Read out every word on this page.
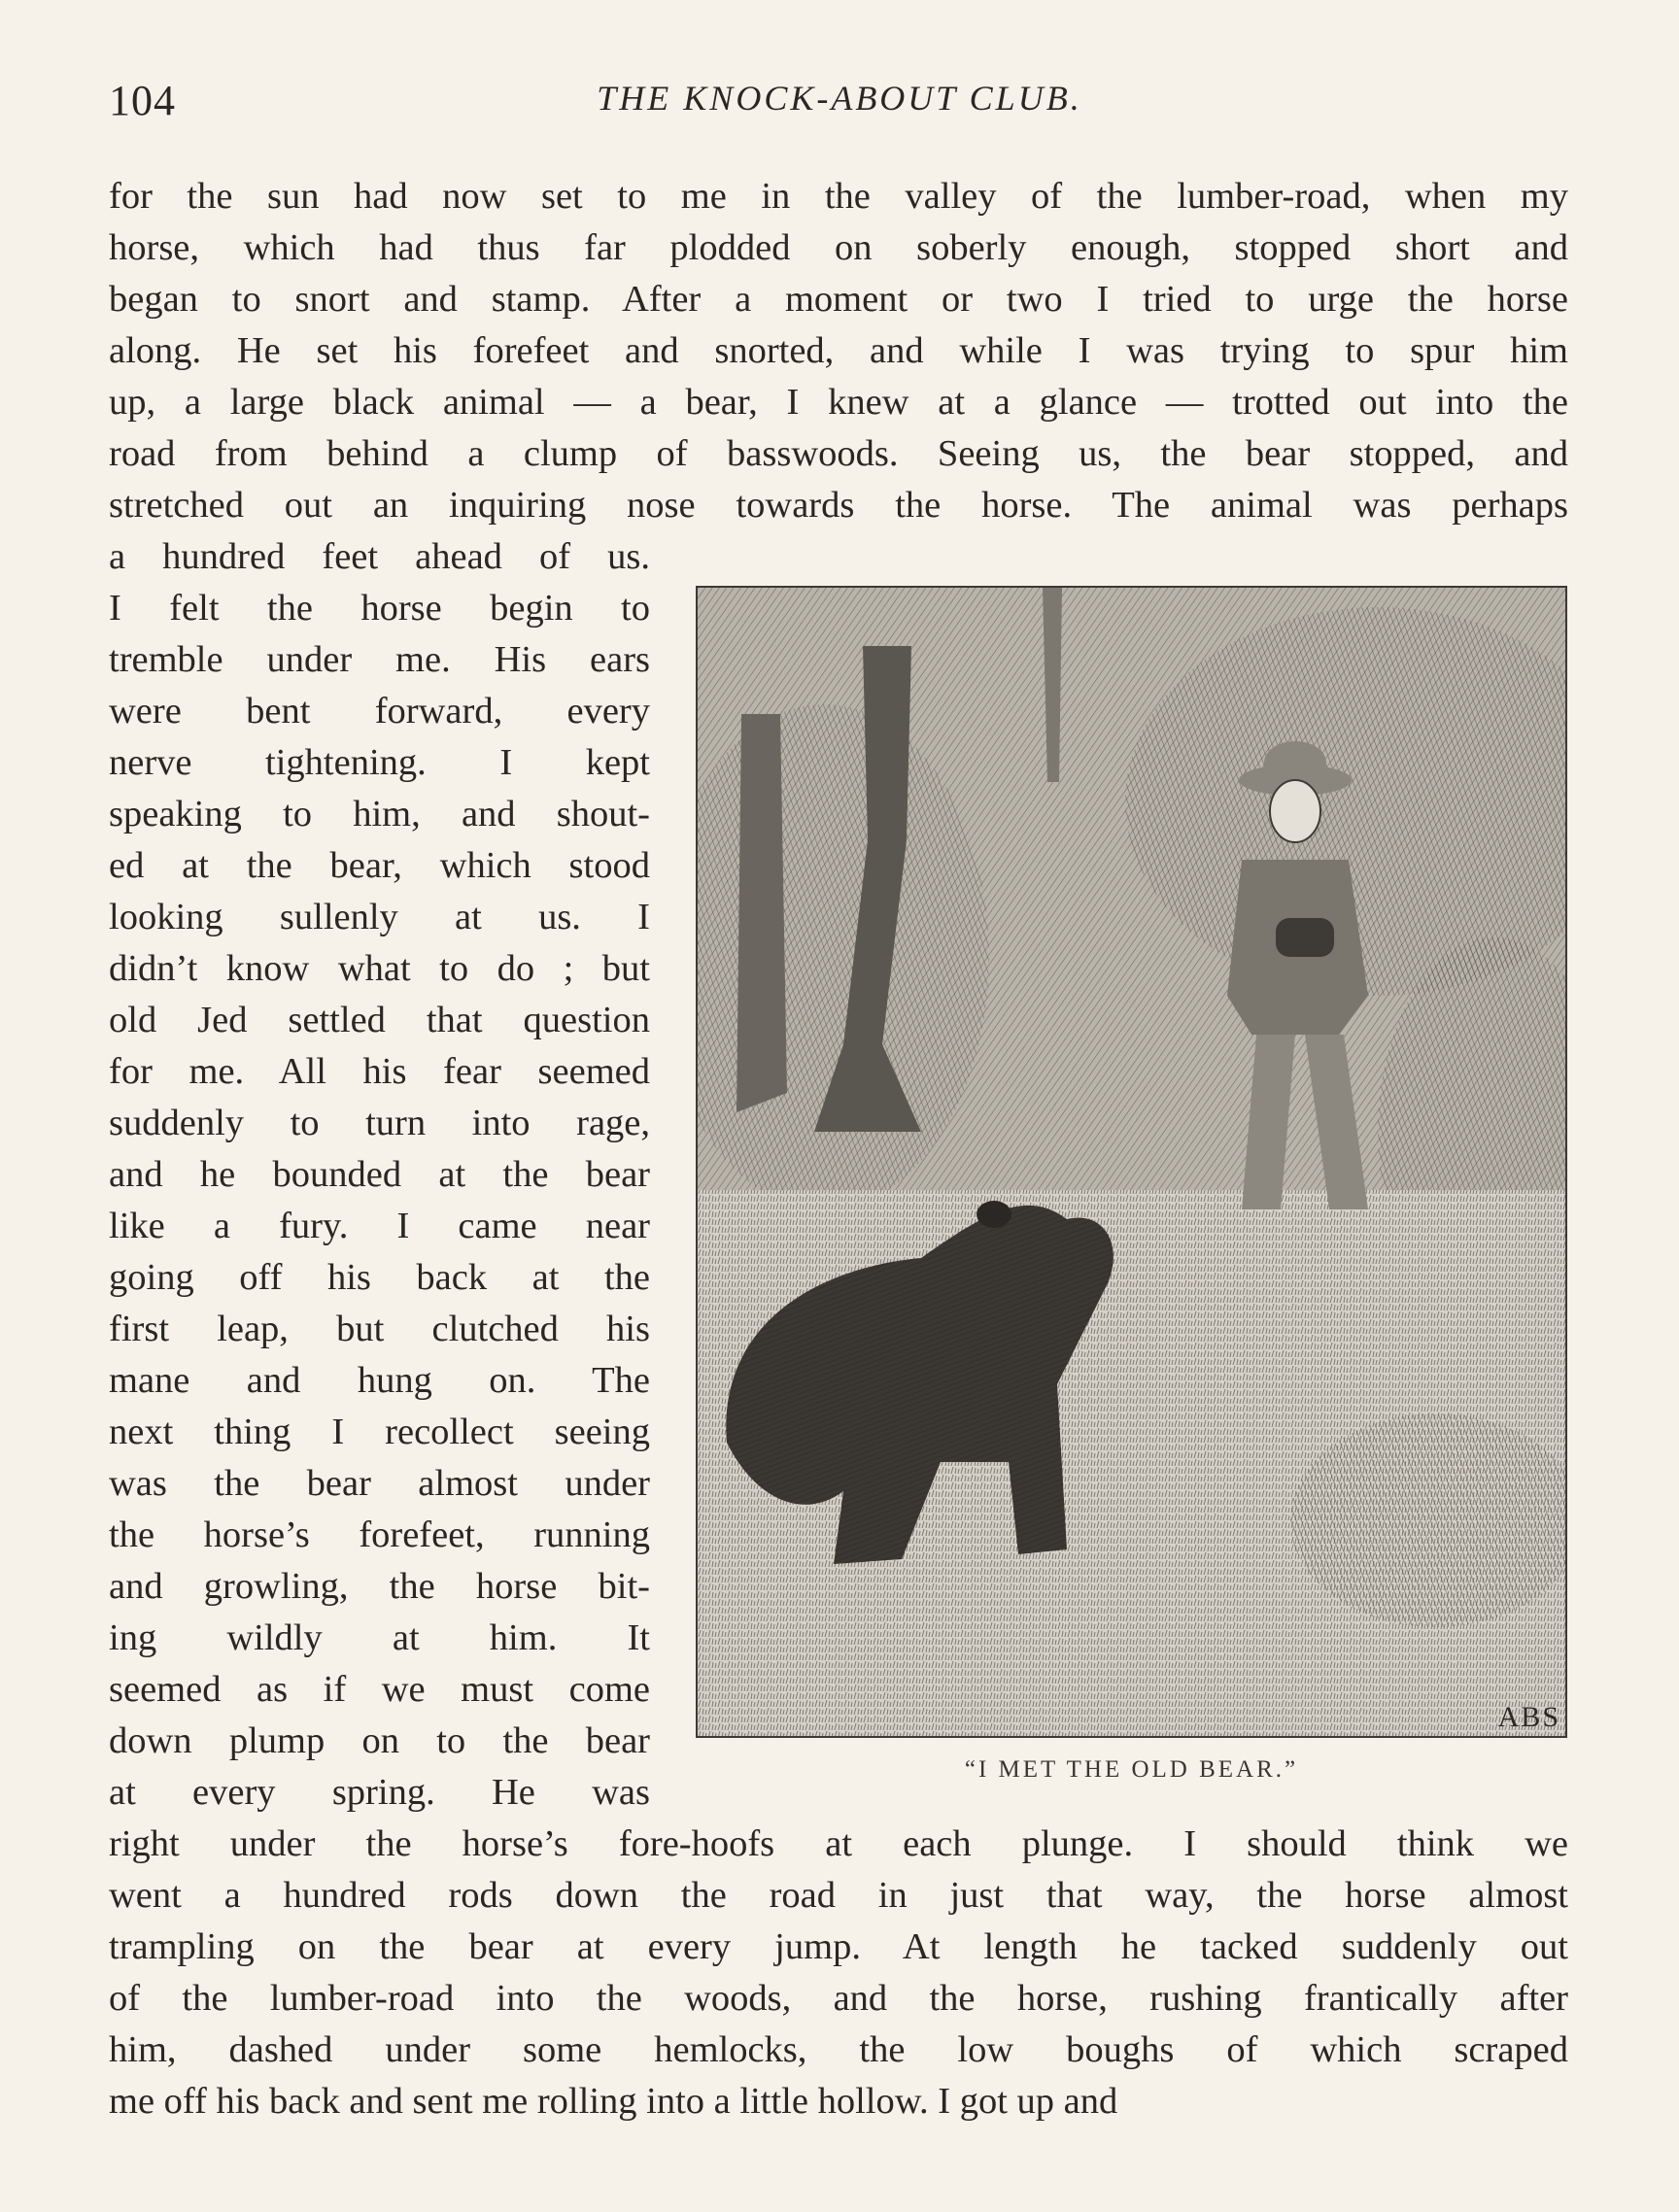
104	THE KNOCK-ABOUT CLUB.
for the sun had now set to me in the valley of the lumber-road, when my
horse, which had thus far plodded on soberly enough, stopped short and
began to snort and stamp. After a moment or two I tried to urge the horse
along. He set his forefeet and snorted, and while I was trying to spur him
up, a large black animal — a bear, I knew at a glance — trotted out into the
road from behind a clump of basswoods. Seeing us, the bear stopped, and
stretched out an inquiring nose towards the horse. The animal was perhaps
a hundred feet ahead of us.
I felt the horse begin to
tremble under me. His ears
were bent forward, every
nerve tightening. I kept
speaking to him, and shout-
ed at the bear, which stood
looking sullenly at us. I
didn’t know what to do ; but
old Jed settled that question
for me. All his fear seemed
suddenly to turn into rage,
and he bounded at the bear
like a fury. I came near
going off his back at the
first leap, but clutched his
mane and hung on. The
next thing I recollect seeing
was the bear almost under
the horse’s forefeet, running
and growling, the horse bit-
ing wildly at him. It
seemed as if we must come
down plump on to the bear
at every spring. He was
right under the horse’s fore-hoofs at each plunge. I should think we
went a hundred rods down the road in just that way, the horse almost
trampling on the bear at every jump. At length he tacked suddenly out
of the lumber-road into the woods, and the horse, rushing frantically after
him, dashed under some hemlocks, the low boughs of which scraped
me off his back and sent me rolling into a little hollow. I got up and
ABS
“I MET THE OLD BEAR.”
